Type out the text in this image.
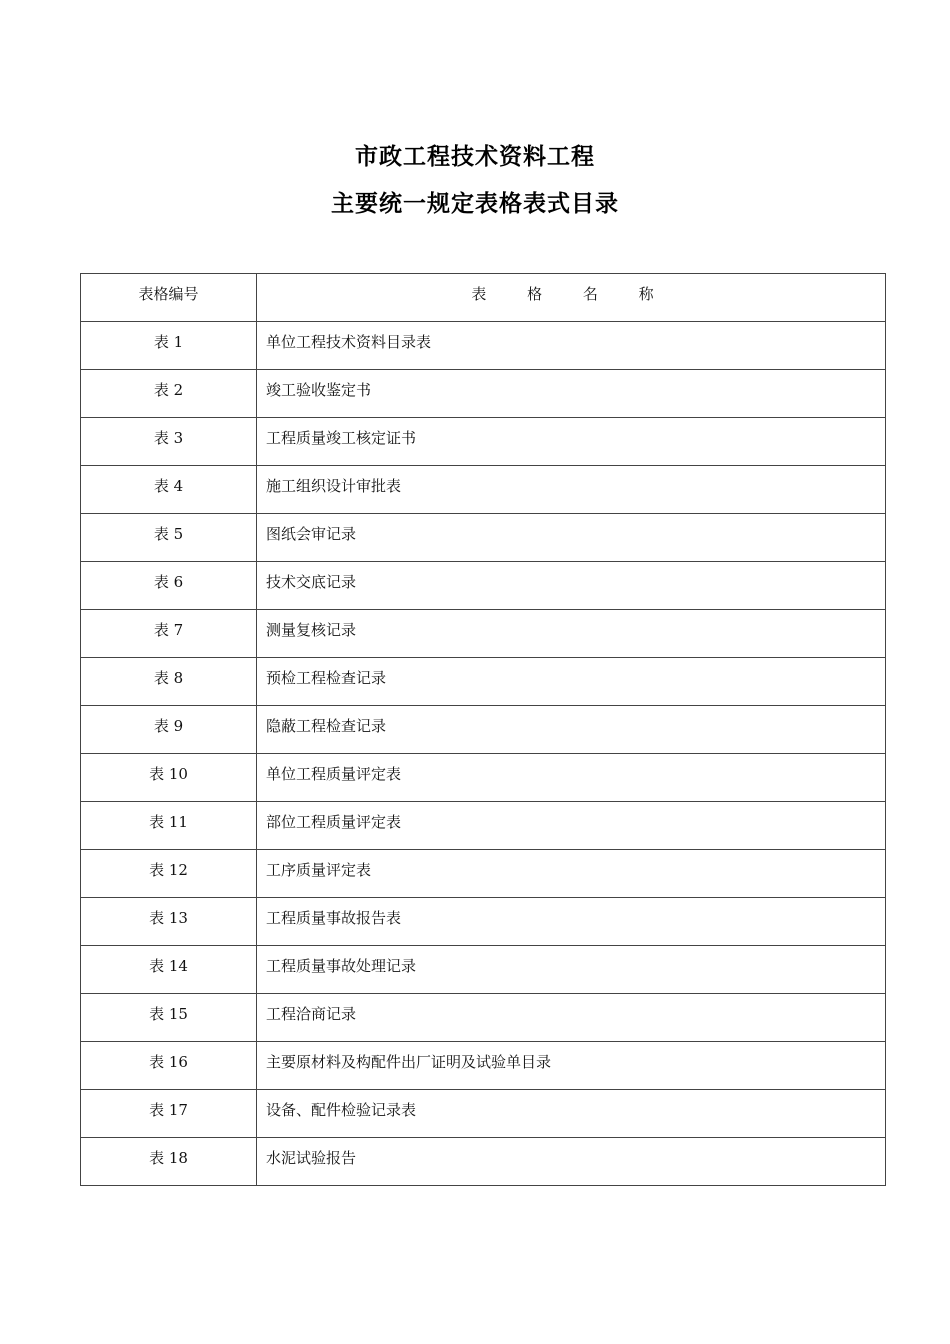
市政工程技术资料工程
主要统一规定表格表式目录
表格编号	表 格 名 称
表 1	单位工程技术资料目录表
表 2	竣工验收鉴定书
表 3	工程质量竣工核定证书
表 4	施工组织设计审批表
表 5	图纸会审记录
表 6	技术交底记录
表 7	测量复核记录
表 8	预检工程检查记录
表 9	隐蔽工程检查记录
表 10	单位工程质量评定表
表 11	部位工程质量评定表
表 12	工序质量评定表
表 13	工程质量事故报告表
表 14	工程质量事故处理记录
表 15	工程洽商记录
表 16	主要原材料及构配件出厂证明及试验单目录
表 17	设备、配件检验记录表
表 18	水泥试验报告
